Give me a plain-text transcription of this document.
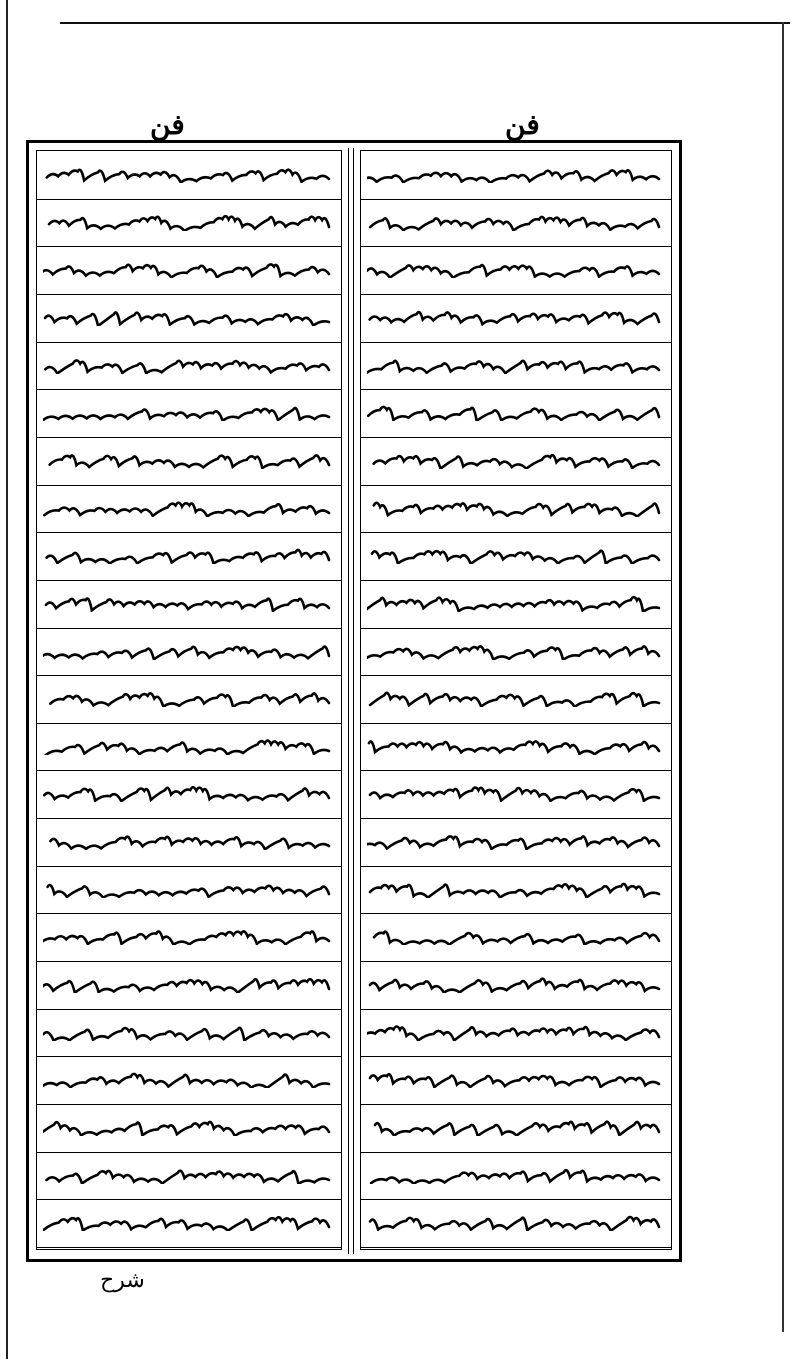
فن	فن
شرح
